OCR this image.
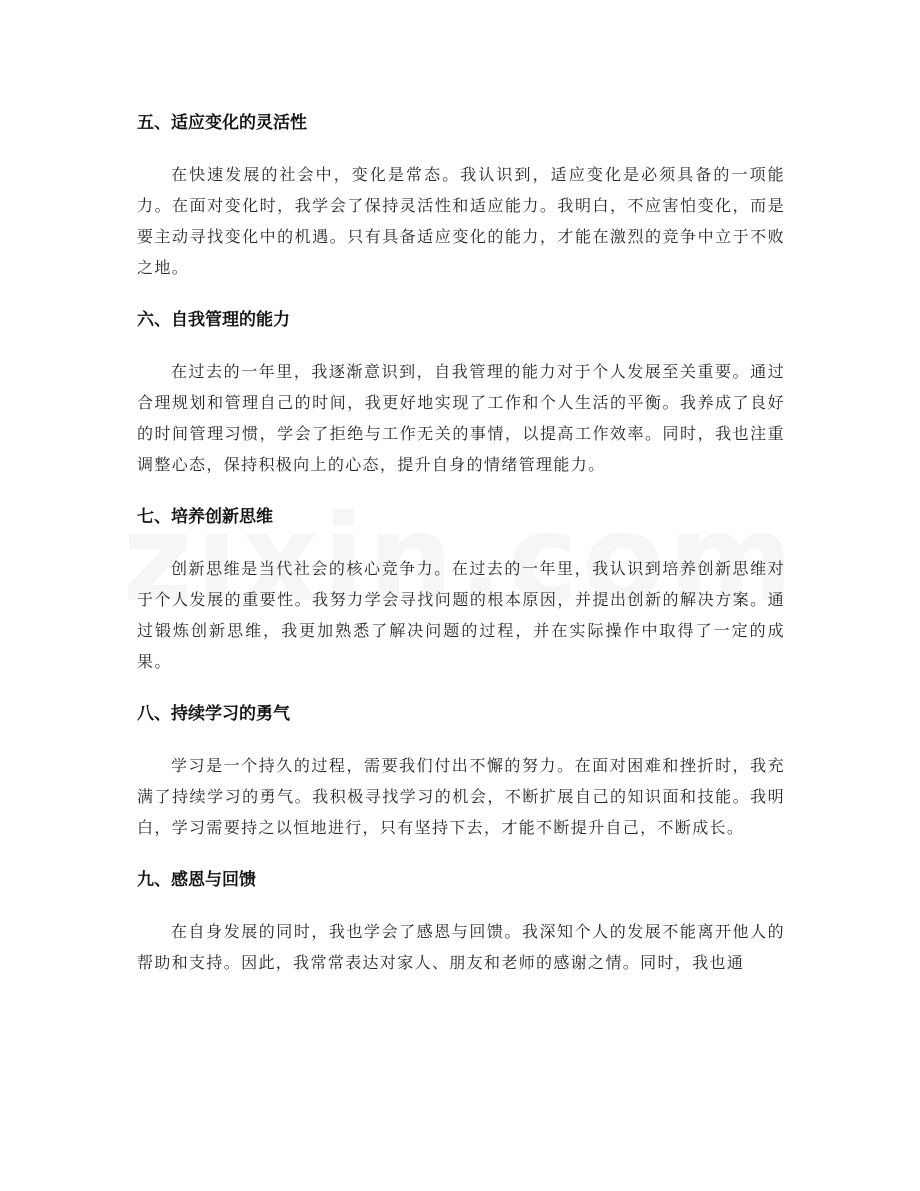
五、适应变化的灵活性

在快速发展的社会中，变化是常态。我认识到，适应变化是必须具备的一项能力。在面对变化时，我学会了保持灵活性和适应能力。我明白，不应害怕变化，而是要主动寻找变化中的机遇。只有具备适应变化的能力，才能在激烈的竞争中立于不败之地。

六、自我管理的能力

在过去的一年里，我逐渐意识到，自我管理的能力对于个人发展至关重要。通过合理规划和管理自己的时间，我更好地实现了工作和个人生活的平衡。我养成了良好的时间管理习惯，学会了拒绝与工作无关的事情，以提高工作效率。同时，我也注重调整心态，保持积极向上的心态，提升自身的情绪管理能力。

七、培养创新思维

创新思维是当代社会的核心竞争力。在过去的一年里，我认识到培养创新思维对于个人发展的重要性。我努力学会寻找问题的根本原因，并提出创新的解决方案。通过锻炼创新思维，我更加熟悉了解决问题的过程，并在实际操作中取得了一定的成果。

八、持续学习的勇气

学习是一个持久的过程，需要我们付出不懈的努力。在面对困难和挫折时，我充满了持续学习的勇气。我积极寻找学习的机会，不断扩展自己的知识面和技能。我明白，学习需要持之以恒地进行，只有坚持下去，才能不断提升自己，不断成长。

九、感恩与回馈

在自身发展的同时，我也学会了感恩与回馈。我深知个人的发展不能离开他人的帮助和支持。因此，我常常表达对家人、朋友和老师的感谢之情。同时，我也通
